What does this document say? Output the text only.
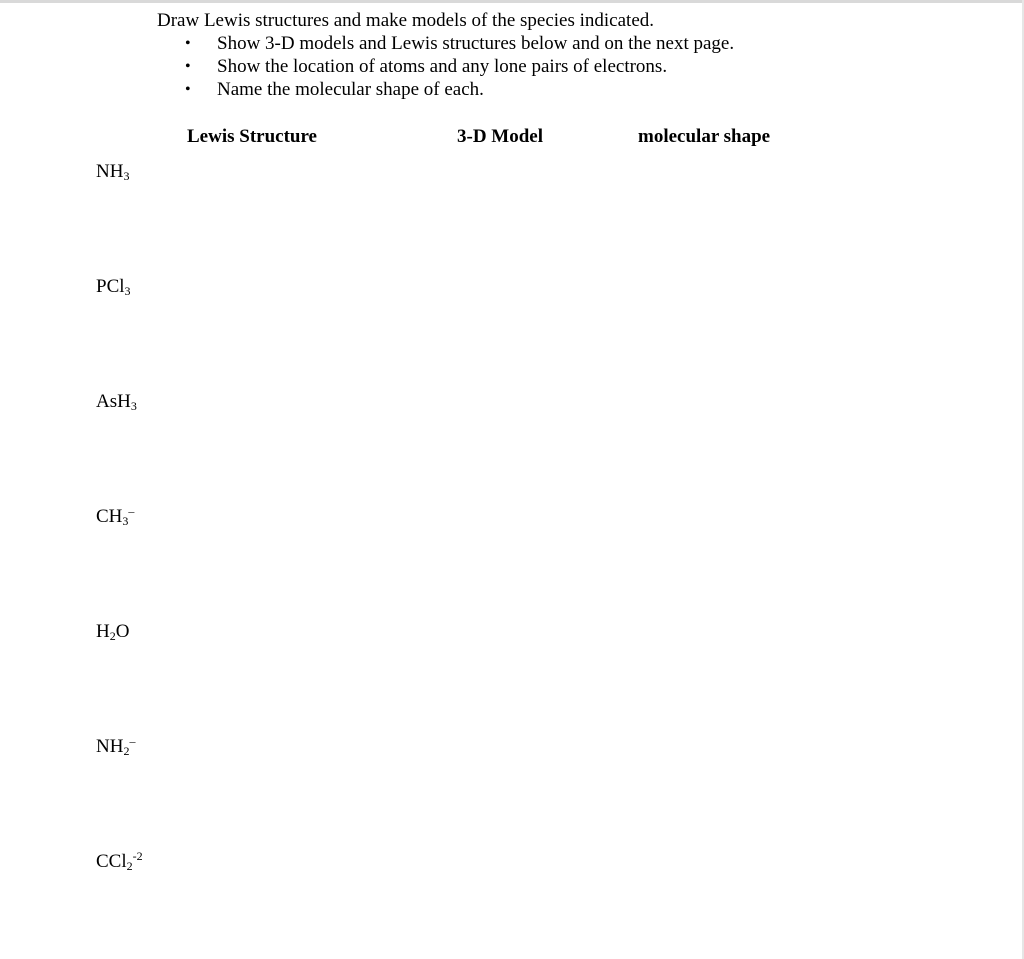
Draw Lewis structures and make models of the species indicated.
• Show 3-D models and Lewis structures below and on the next page.
• Show the location of atoms and any lone pairs of electrons.
• Name the molecular shape of each.
Lewis Structure	3-D Model	molecular shape
$NH_3$
PCl$_3$
AsH$_3$
$CH_3^-$
$H_2O$
$NH_2^-$
CCl$_2^{-2}$
